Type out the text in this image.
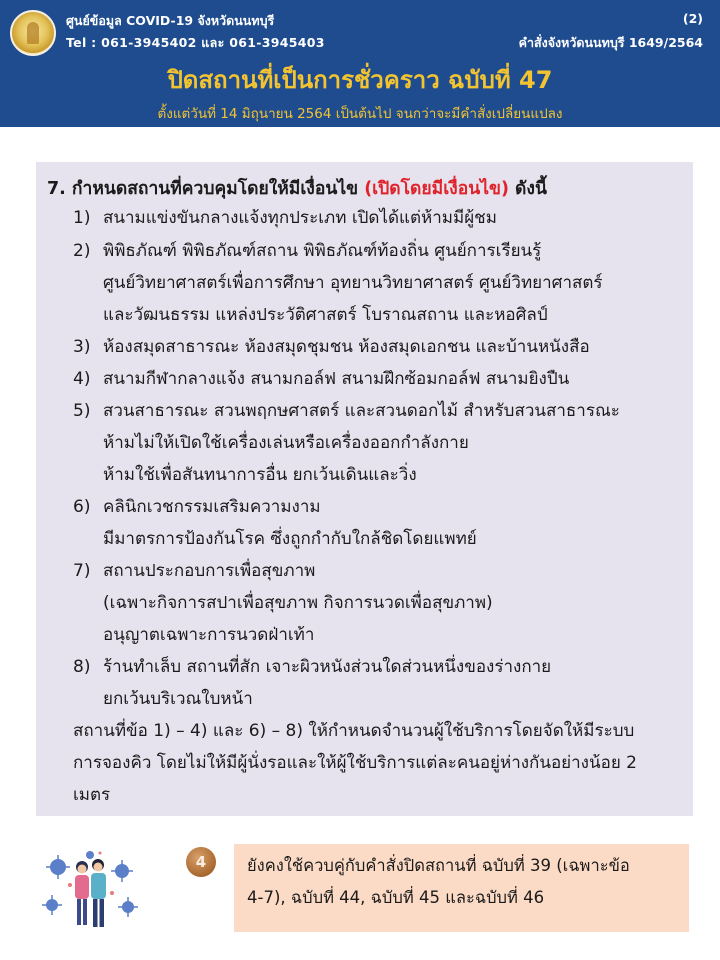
ศูนย์ข้อมูล COVID-19 จังหวัดนนทบุรี
Tel : 061-3945402 และ 061-3945403
(2)
คำสั่งจังหวัดนนทบุรี 1649/2564
ปิดสถานที่เป็นการชั่วคราว ฉบับที่ 47
ตั้งแต่วันที่ 14 มิถุนายน 2564 เป็นต้นไป จนกว่าจะมีคำสั่งเปลี่ยนแปลง
7. กำหนดสถานที่ควบคุมโดยให้มีเงื่อนไข (เปิดโดยมีเงื่อนไข) ดังนี้
1) สนามแข่งขันกลางแจ้งทุกประเภท เปิดได้แต่ห้ามมีผู้ชม
2) พิพิธภัณฑ์ พิพิธภัณฑ์สถาน พิพิธภัณฑ์ท้องถิ่น ศูนย์การเรียนรู้
ศูนย์วิทยาศาสตร์เพื่อการศึกษา อุทยานวิทยาศาสตร์ ศูนย์วิทยาศาสตร์
และวัฒนธรรม แหล่งประวัติศาสตร์ โบราณสถาน และหอศิลป์
3) ห้องสมุดสาธารณะ ห้องสมุดชุมชน ห้องสมุดเอกชน และบ้านหนังสือ
4) สนามกีฬากลางแจ้ง สนามกอล์ฟ สนามฝึกซ้อมกอล์ฟ สนามยิงปืน
5) สวนสาธารณะ สวนพฤกษศาสตร์ และสวนดอกไม้ สำหรับสวนสาธารณะ
ห้ามไม่ให้เปิดใช้เครื่องเล่นหรือเครื่องออกกำลังกาย
ห้ามใช้เพื่อสันทนาการอื่น ยกเว้นเดินและวิ่ง
6) คลินิกเวชกรรมเสริมความงาม
มีมาตรการป้องกันโรค ซึ่งถูกกำกับใกล้ชิดโดยแพทย์
7) สถานประกอบการเพื่อสุขภาพ
(เฉพาะกิจการสปาเพื่อสุขภาพ กิจการนวดเพื่อสุขภาพ)
อนุญาตเฉพาะการนวดฝ่าเท้า
8) ร้านทำเล็บ สถานที่สัก เจาะผิวหนังส่วนใดส่วนหนึ่งของร่างกาย
ยกเว้นบริเวณใบหน้า
สถานที่ข้อ 1) – 4) และ 6) – 8) ให้กำหนดจำนวนผู้ใช้บริการโดยจัดให้มีระบบ
การจองคิว โดยไม่ให้มีผู้นั่งรอและให้ผู้ใช้บริการแต่ละคนอยู่ห่างกันอย่างน้อย 2
เมตร
4	ยังคงใช้ควบคู่กับคำสั่งปิดสถานที่ ฉบับที่ 39 (เฉพาะข้อ
4-7), ฉบับที่ 44, ฉบับที่ 45 และฉบับที่ 46
